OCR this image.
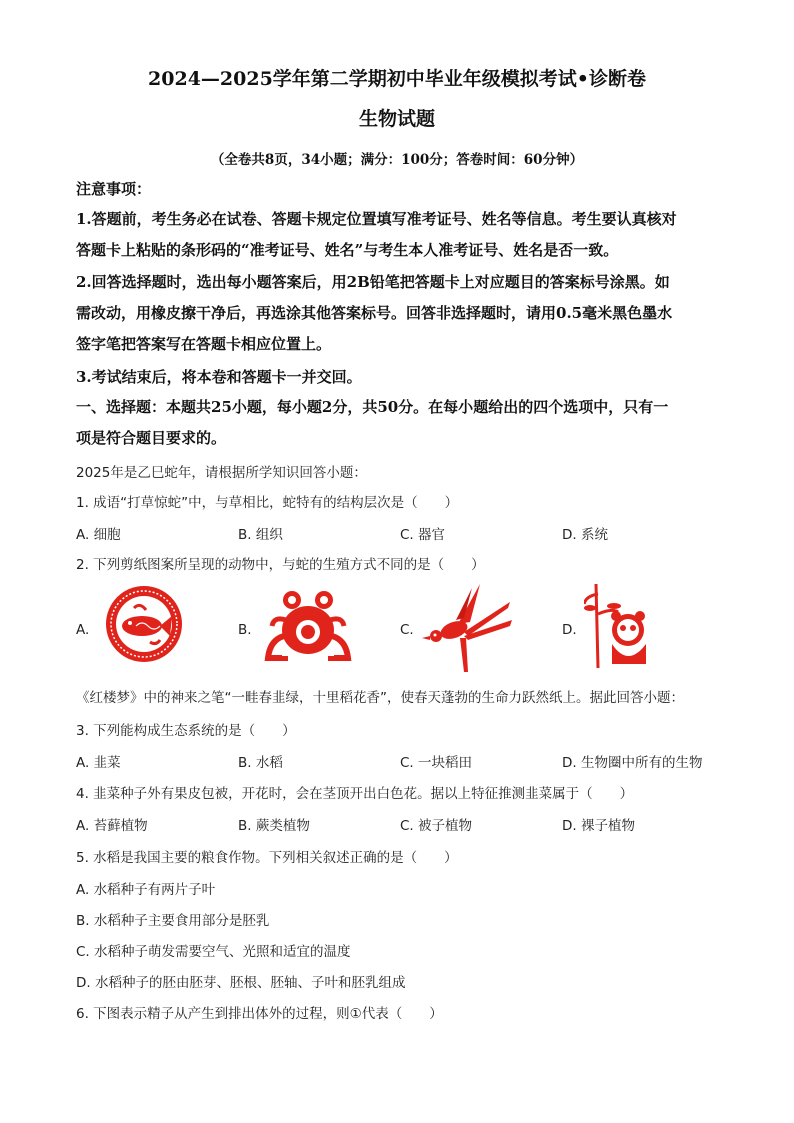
2024—2025学年第二学期初中毕业年级模拟考试•诊断卷
生物试题
（全卷共8页，34小题；满分：100分；答卷时间：60分钟）
注意事项：
1.答题前，考生务必在试卷、答题卡规定位置填写准考证号、姓名等信息。考生要认真核对
答题卡上粘贴的条形码的“准考证号、姓名”与考生本人准考证号、姓名是否一致。
2.回答选择题时，选出每小题答案后，用2B铅笔把答题卡上对应题目的答案标号涂黑。如
需改动，用橡皮擦干净后，再选涂其他答案标号。回答非选择题时，请用0.5毫米黑色墨水
签字笔把答案写在答题卡相应位置上。
3.考试结束后，将本卷和答题卡一并交回。
一、选择题：本题共25小题，每小题2分，共50分。在每小题给出的四个选项中，只有一
项是符合题目要求的。
2025年是乙巳蛇年，请根据所学知识回答小题：
1. 成语“打草惊蛇”中，与草相比，蛇特有的结构层次是（　　）
A. 细胞	B. 组织	C. 器官	D. 系统
2. 下列剪纸图案所呈现的动物中，与蛇的生殖方式不同的是（　　）
A.	B.	C.	D.
《红楼梦》中的神来之笔“一畦春韭绿，十里稻花香”，使春天蓬勃的生命力跃然纸上。据此回答小题：
3. 下列能构成生态系统的是（　　）
A. 韭菜	B. 水稻	C. 一块稻田	D. 生物圈中所有的生物
4. 韭菜种子外有果皮包被，开花时，会在茎顶开出白色花。据以上特征推测韭菜属于（　　）
A. 苔藓植物	B. 蕨类植物	C. 被子植物	D. 裸子植物
5. 水稻是我国主要的粮食作物。下列相关叙述正确的是（　　）
A. 水稻种子有两片子叶
B. 水稻种子主要食用部分是胚乳
C. 水稻种子萌发需要空气、光照和适宜的温度
D. 水稻种子的胚由胚芽、胚根、胚轴、子叶和胚乳组成
6. 下图表示精子从产生到排出体外的过程，则①代表（　　）
